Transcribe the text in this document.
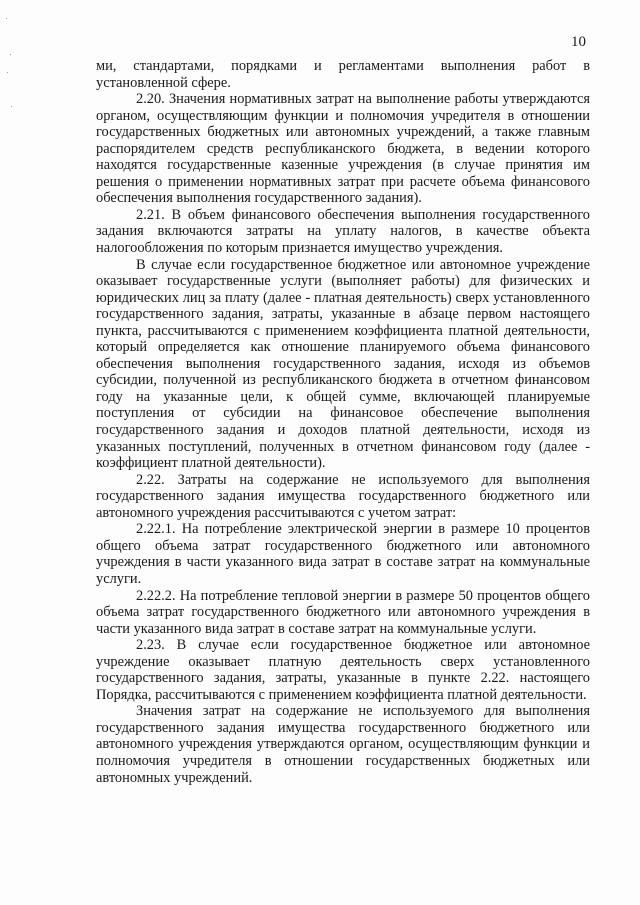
10

ми, стандартами, порядками и регламентами выполнения работ в установленной сфере.

2.20. Значения нормативных затрат на выполнение работы утверждаются органом, осуществляющим функции и полномочия учредителя в отношении государственных бюджетных или автономных учреждений, а также главным распорядителем средств республиканского бюджета, в ведении которого находятся государственные казенные учреждения (в случае принятия им решения о применении нормативных затрат при расчете объема финансового обеспечения выполнения государственного задания).

2.21. В объем финансового обеспечения выполнения государственного задания включаются затраты на уплату налогов, в качестве объекта налогообложения по которым признается имущество учреждения.

В случае если государственное бюджетное или автономное учреждение оказывает государственные услуги (выполняет работы) для физических и юридических лиц за плату (далее - платная деятельность) сверх установленного государственного задания, затраты, указанные в абзаце первом настоящего пункта, рассчитываются с применением коэффициента платной деятельности, который определяется как отношение планируемого объема финансового обеспечения выполнения государственного задания, исходя из объемов субсидии, полученной из республиканского бюджета в отчетном финансовом году на указанные цели, к общей сумме, включающей планируемые поступления от субсидии на финансовое обеспечение выполнения государственного задания и доходов платной деятельности, исходя из указанных поступлений, полученных в отчетном финансовом году (далее - коэффициент платной деятельности).

2.22. Затраты на содержание не используемого для выполнения государственного задания имущества государственного бюджетного или автономного учреждения рассчитываются с учетом затрат:

2.22.1. На потребление электрической энергии в размере 10 процентов общего объема затрат государственного бюджетного или автономного учреждения в части указанного вида затрат в составе затрат на коммунальные услуги.

2.22.2. На потребление тепловой энергии в размере 50 процентов общего объема затрат государственного бюджетного или автономного учреждения в части указанного вида затрат в составе затрат на коммунальные услуги.

2.23. В случае если государственное бюджетное или автономное учреждение оказывает платную деятельность сверх установленного государственного задания, затраты, указанные в пункте 2.22. настоящего Порядка, рассчитываются с применением коэффициента платной деятельности.

Значения затрат на содержание не используемого для выполнения государственного задания имущества государственного бюджетного или автономного учреждения утверждаются органом, осуществляющим функции и полномочия учредителя в отношении государственных бюджетных или автономных учреждений.
